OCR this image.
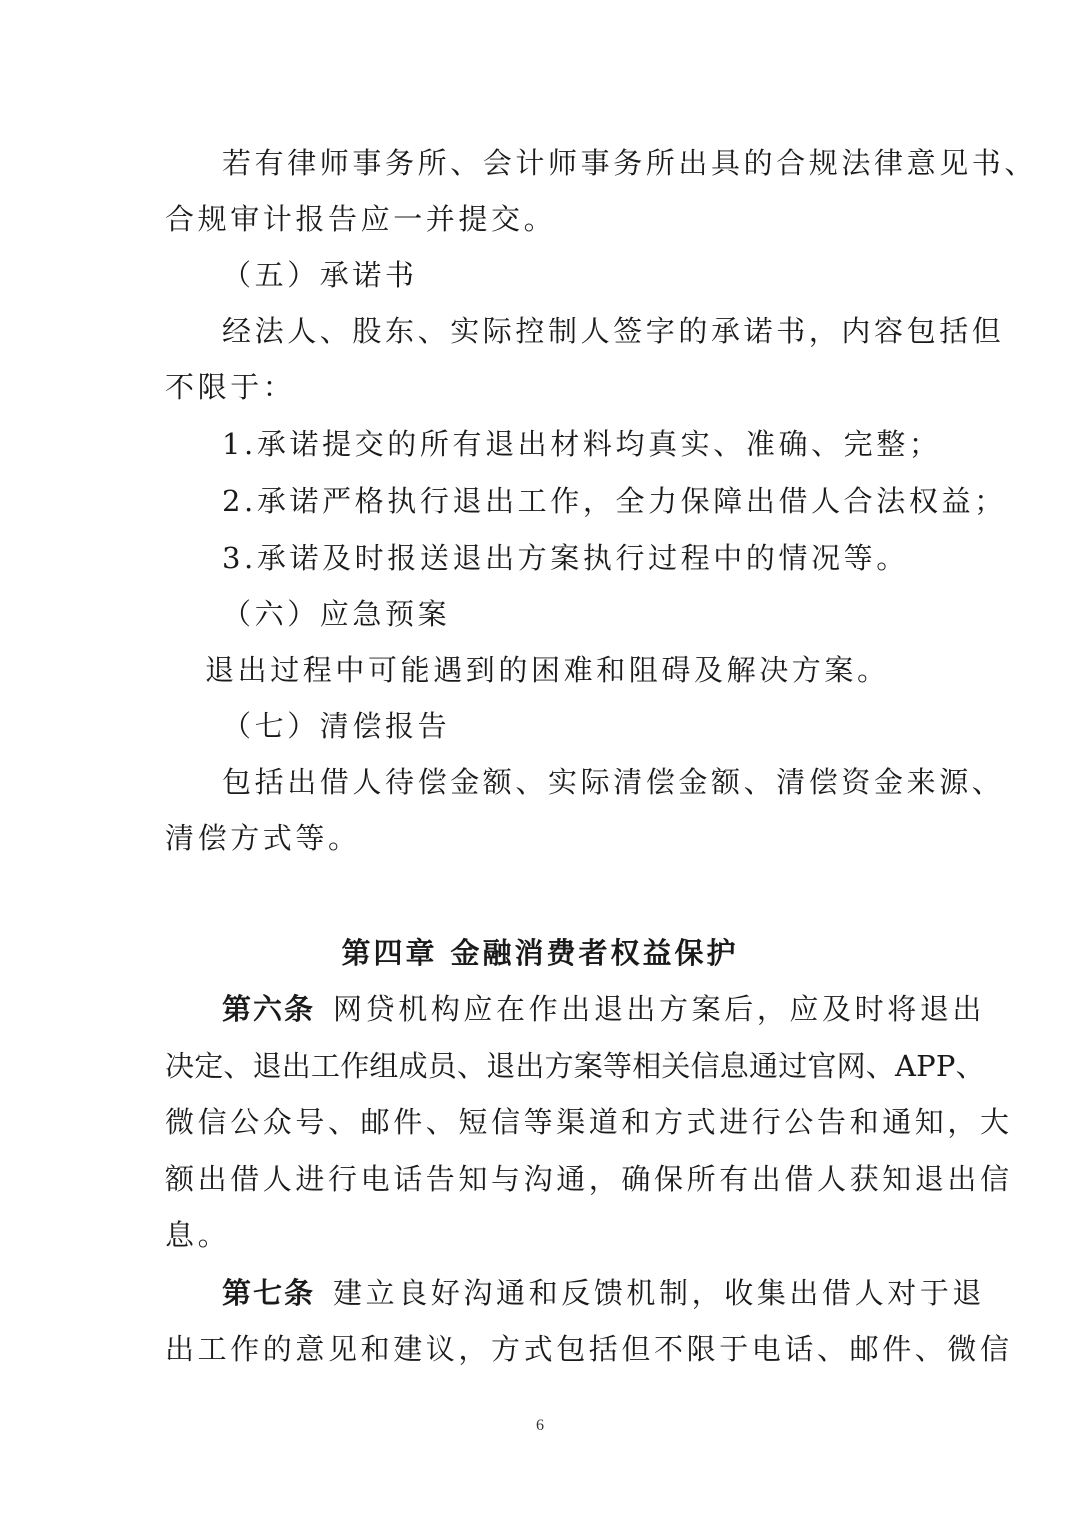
若有律师事务所、会计师事务所出具的合规法律意见书、
合规审计报告应一并提交。
（五）承诺书
经法人、股东、实际控制人签字的承诺书，内容包括但
不限于：
1.承诺提交的所有退出材料均真实、准确、完整；
2.承诺严格执行退出工作，全力保障出借人合法权益；
3.承诺及时报送退出方案执行过程中的情况等。
（六）应急预案
退出过程中可能遇到的困难和阻碍及解决方案。
（七）清偿报告
包括出借人待偿金额、实际清偿金额、清偿资金来源、
清偿方式等。
第四章 金融消费者权益保护
第六条 网贷机构应在作出退出方案后，应及时将退出
决定、退出工作组成员、退出方案等相关信息通过官网、APP、
微信公众号、邮件、短信等渠道和方式进行公告和通知，大
额出借人进行电话告知与沟通，确保所有出借人获知退出信
息。
第七条 建立良好沟通和反馈机制，收集出借人对于退
出工作的意见和建议，方式包括但不限于电话、邮件、微信
6
